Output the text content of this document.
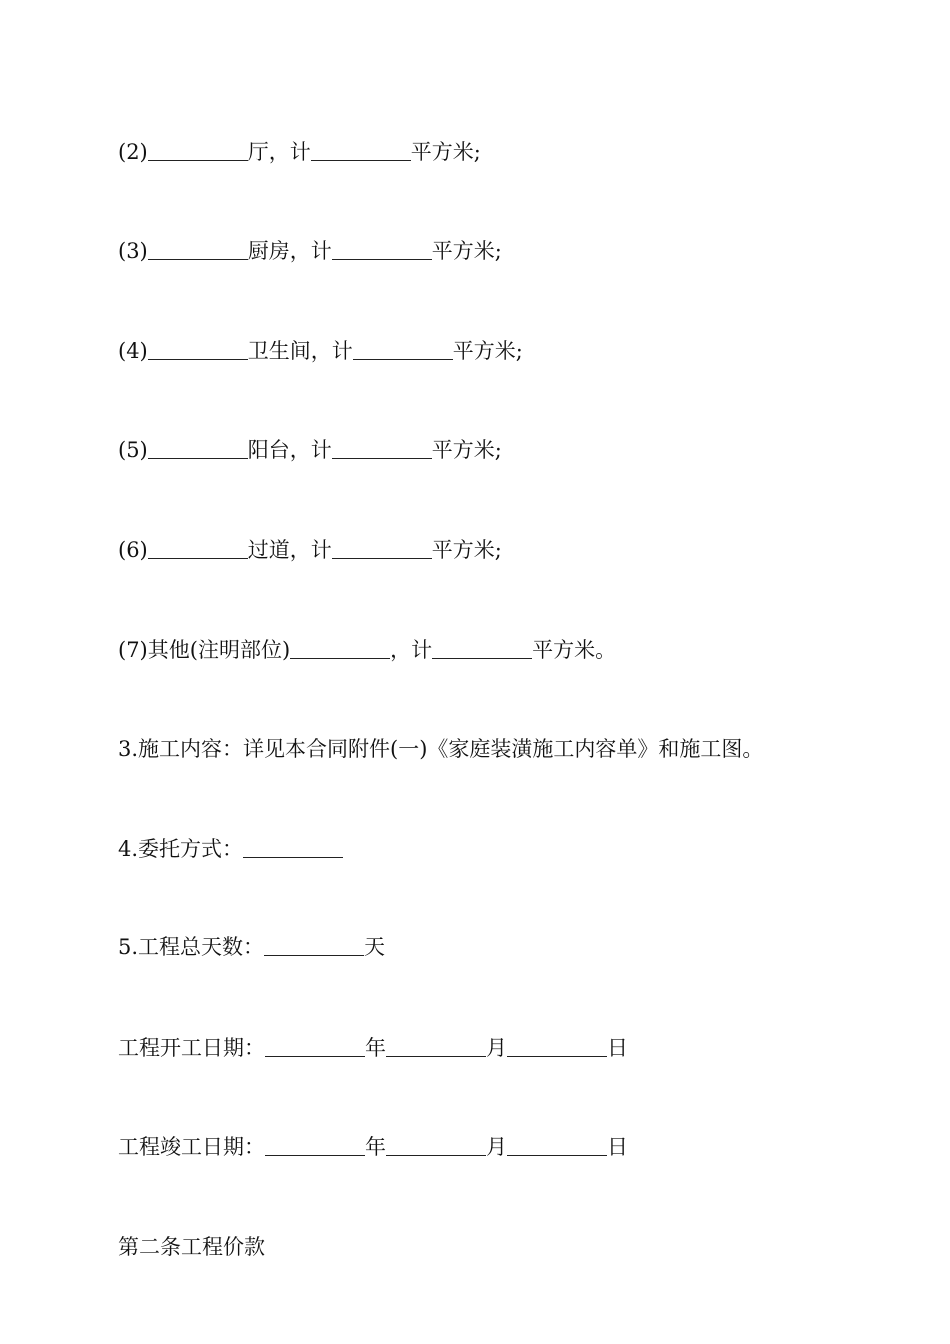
(2)	厅，计	平方米;
(3)	厨房，计	平方米;
(4)	卫生间，计	平方米;
(5)	阳台，计	平方米;
(6)	过道，计	平方米;
(7)其他(注明部位)	，计	平方米。
3.施工内容：详见本合同附件(一)《家庭装潢施工内容单》和施工图。
4.委托方式：
5.工程总天数：	天
工程开工日期：	年	月	日
工程竣工日期：	年	月	日
第二条工程价款
